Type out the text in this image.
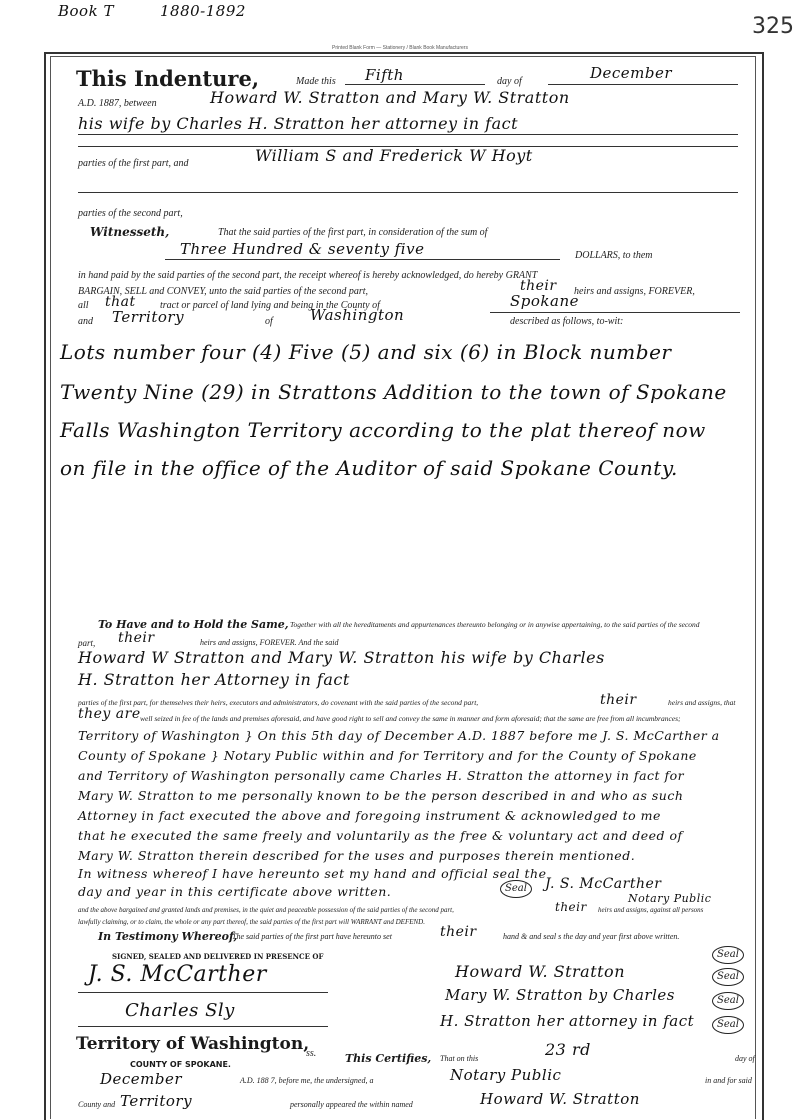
Book T	1880-1892
325
Printed Blank Form — Stationery / Blank Book Manufacturers
This Indenture,	Made this Fifth	day of	December
A.D. 1887, between	Howard W. Stratton and Mary W. Stratton
his wife by Charles H. Stratton her attorney in fact
parties of the first part, and	William S and Frederick W Hoyt
parties of the second part,
Witnesseth,	That the said parties of the first part, in consideration of the sum of
Three Hundred & seventy five	DOLLARS, to them
in hand paid by the said parties of the second part, the receipt whereof is hereby acknowledged, do hereby GRANT
BARGAIN, SELL and CONVEY, unto the said parties of the second part,	their heirs and assigns, FOREVER,
all that tract or parcel of land lying and being in the County of	Spokane
and Territory	of Washington	described as follows, to-wit:
Lots number four (4) Five (5) and six (6) in Block number
Twenty Nine (29) in Strattons Addition to the town of Spokane
Falls Washington Territory according to the plat thereof now
on file in the office of the Auditor of said Spokane County.
To Have and to Hold the Same, Together with all the hereditaments and appurtenances thereunto belonging or in anywise appertaining, to the said parties of the second
part, their	heirs and assigns, FOREVER. And the said
Howard W Stratton and Mary W. Stratton his wife by Charles
H. Stratton her Attorney in fact
parties of the first part, for themselves their heirs, executors and administrators, do covenant with the said parties of the second part,	their	heirs and assigns, that
they are well seized in fee of the lands and premises aforesaid, and have good right to sell and convey the same in manner and form aforesaid; that the same are free from all incumbrances;
Territory of Washington } On this 5th day of December A.D. 1887 before me J. S. McCarther a
County of Spokane } Notary Public within and for Territory and for the County of Spokane
and Territory of Washington personally came Charles H. Stratton the attorney in fact for
Mary W. Stratton to me personally known to be the person described in and who as such
Attorney in fact executed the above and foregoing instrument & acknowledged to me
that he executed the same freely and voluntarily as the free & voluntary act and deed of
Mary W. Stratton therein described for the uses and purposes therein mentioned.
In witness whereof I have hereunto set my hand and official seal the
day and year in this certificate above written.	Seal	J. S. McCarther
Notary Public
and the above bargained and granted lands and premises, in the quiet and peaceable possession of the said parties of the second part,	their heirs and assigns, against all persons
lawfully claiming, or to claim, the whole or any part thereof, the said parties of the first part will WARRANT and DEFEND.
In Testimony Whereof,
The said parties of the first part have hereunto set	their	hand & and seal s the day and year first above written.
SIGNED, SEALED AND DELIVERED IN PRESENCE OF
J. S. McCarther
Charles Sly
Howard W. Stratton
Mary W. Stratton by Charles
H. Stratton her attorney in fact
Seal
Seal
Seal
Seal
Territory of Washington,
COUNTY OF SPOKANE.
ss.	This Certifies, That on this	23 rd	day of
December	A.D. 188 7, before me, the undersigned, a	Notary Public	in and for said
County and Territory	personally appeared the within named	Howard W. Stratton
